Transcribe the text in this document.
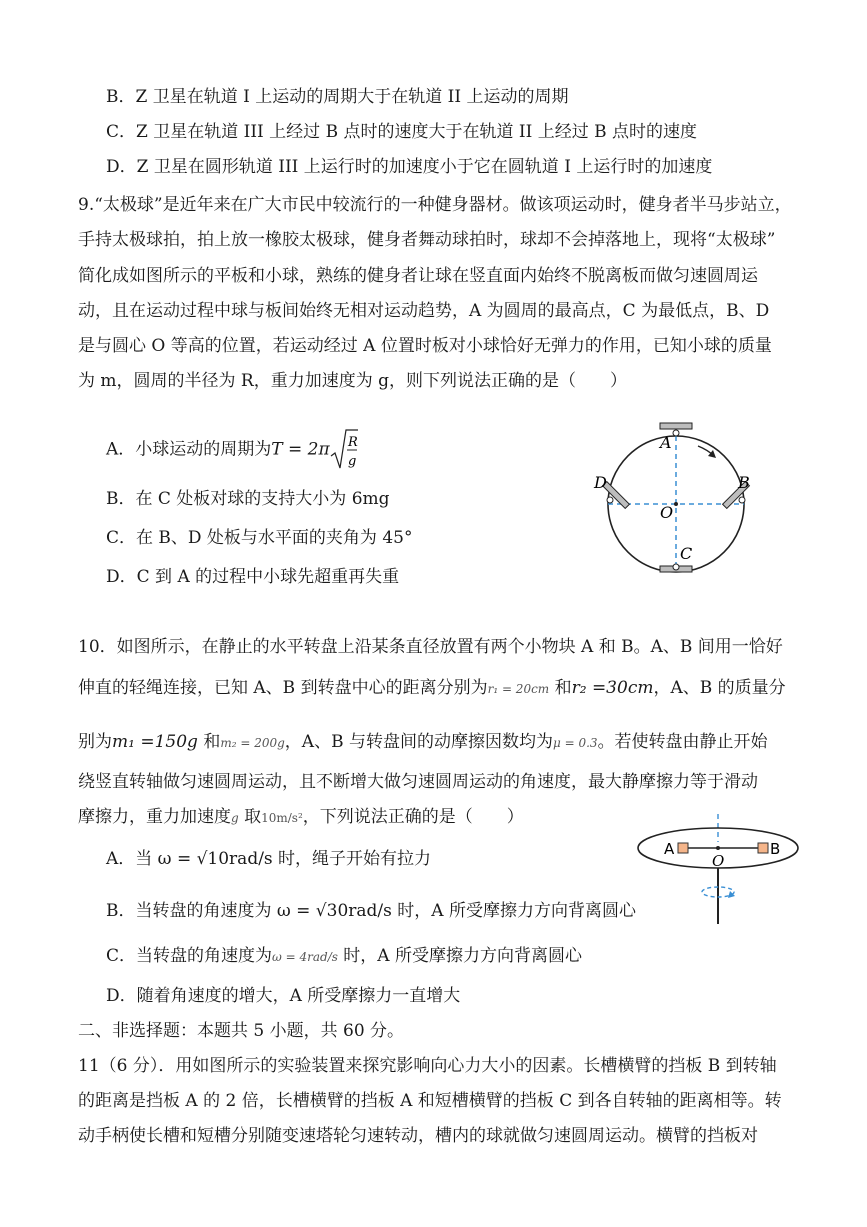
B．Z 卫星在轨道 I 上运动的周期大于在轨道 II 上运动的周期
C．Z 卫星在轨道 III 上经过 B 点时的速度大于在轨道 II 上经过 B 点时的速度
D．Z 卫星在圆形轨道 III 上运行时的加速度小于它在圆轨道 I 上运行时的加速度
9.“太极球”是近年来在广大市民中较流行的一种健身器材。做该项运动时，健身者半马步站立，
手持太极球拍，拍上放一橡胶太极球，健身者舞动球拍时，球却不会掉落地上，现将“太极球”
简化成如图所示的平板和小球，熟练的健身者让球在竖直面内始终不脱离板而做匀速圆周运
动，且在运动过程中球与板间始终无相对运动趋势，A 为圆周的最高点，C 为最低点，B、D
是与圆心 O 等高的位置，若运动经过 A 位置时板对小球恰好无弹力的作用，已知小球的质量
为 m，圆周的半径为 R，重力加速度为 g，则下列说法正确的是（　　）
A．小球运动的周期为T = 2π R
g
B．在 C 处板对球的支持大小为 6mg
C．在 B、D 处板与水平面的夹角为 45°
D．C 到 A 的过程中小球先超重再失重
A
B
C
D
O
10．如图所示，在静止的水平转盘上沿某条直径放置有两个小物块 A 和 B。A、B 间用一恰好
伸直的轻绳连接，已知 A、B 到转盘中心的距离分别为r₁ = 20cm 和r₂ =30cm，A、B 的质量分
别为m₁ =150g 和m₂ = 200g，A、B 与转盘间的动摩擦因数均为μ = 0.3。若使转盘由静止开始
绕竖直转轴做匀速圆周运动，且不断增大做匀速圆周运动的角速度，最大静摩擦力等于滑动
摩擦力，重力加速度g 取10m/s²，下列说法正确的是（　　）
A．当 ω = √10rad/s 时，绳子开始有拉力
B．当转盘的角速度为 ω = √30rad/s 时，A 所受摩擦力方向背离圆心
C．当转盘的角速度为ω = 4rad/s 时，A 所受摩擦力方向背离圆心
D．随着角速度的增大，A 所受摩擦力一直增大
A	B
O
二、非选择题：本题共 5 小题，共 60 分。
11（6 分）．用如图所示的实验装置来探究影响向心力大小的因素。长槽横臂的挡板 B 到转轴
的距离是挡板 A 的 2 倍，长槽横臂的挡板 A 和短槽横臂的挡板 C 到各自转轴的距离相等。转
动手柄使长槽和短槽分别随变速塔轮匀速转动，槽内的球就做匀速圆周运动。横臂的挡板对
